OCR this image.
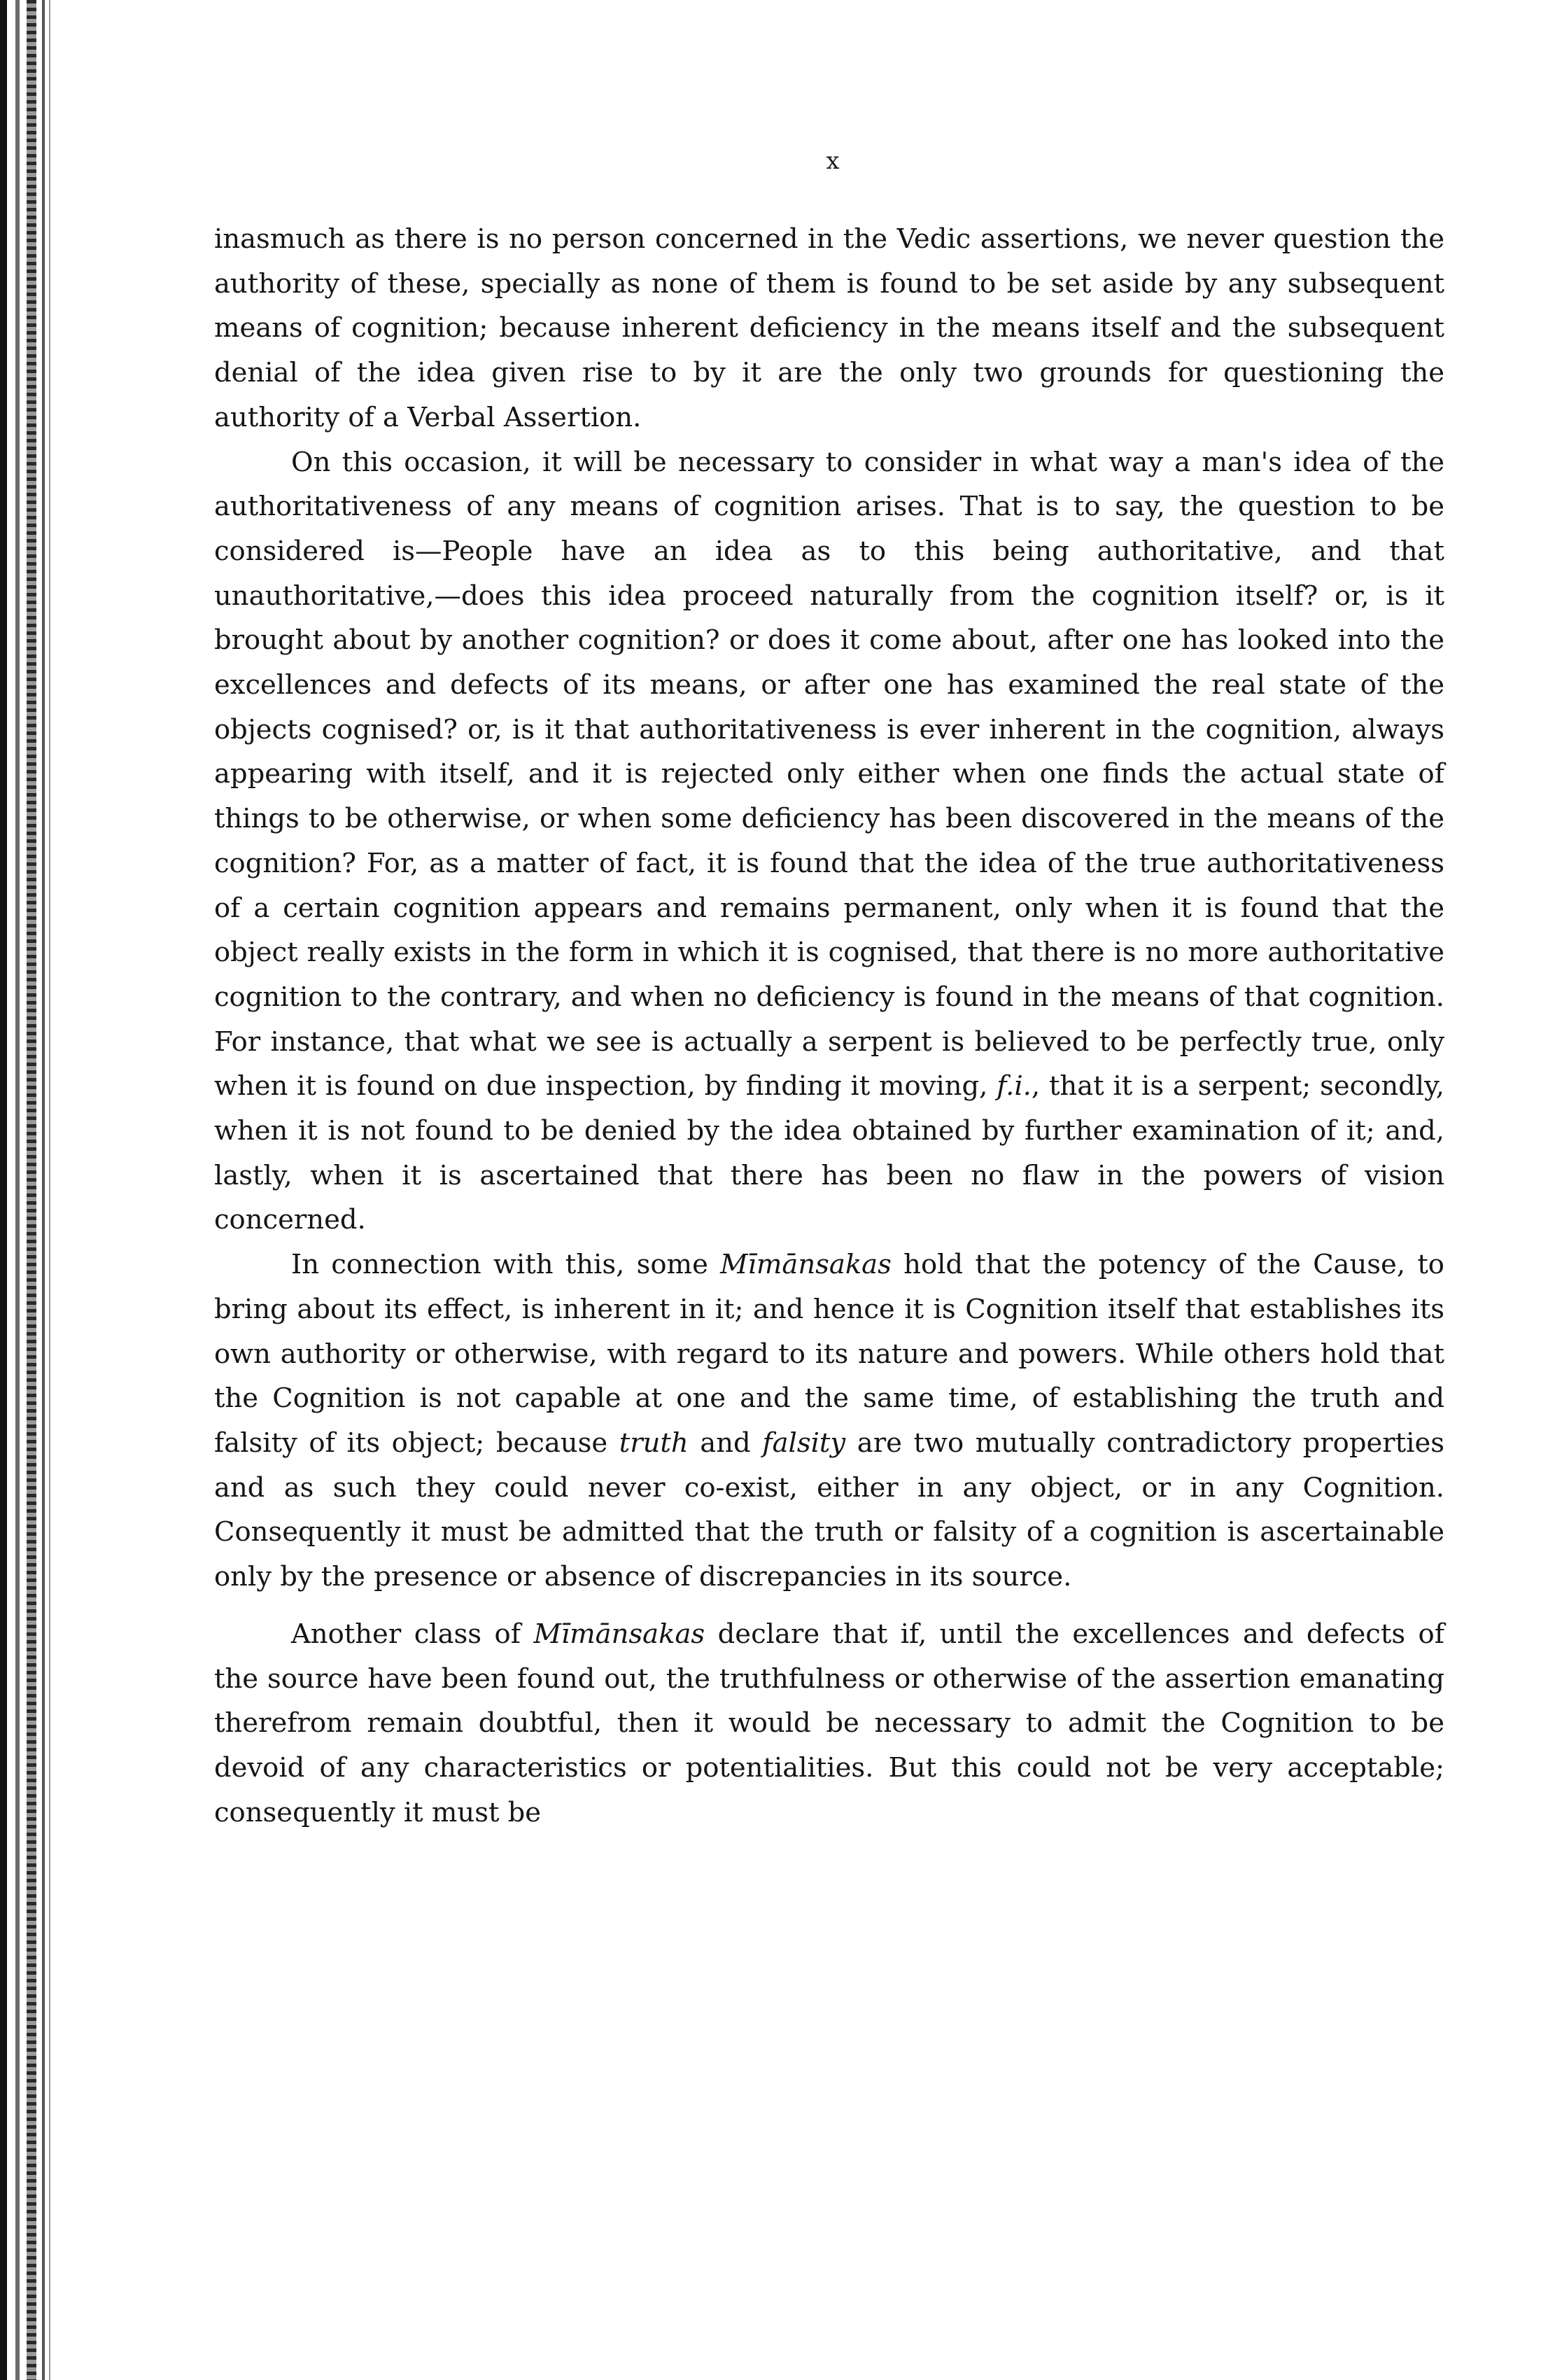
x

inasmuch as there is no person concerned in the Vedic assertions, we never question the authority of these, specially as none of them is found to be set aside by any subsequent means of cognition; because inherent deficiency in the means itself and the subsequent denial of the idea given rise to by it are the only two grounds for questioning the authority of a Verbal Assertion.

On this occasion, it will be necessary to consider in what way a man's idea of the authoritativeness of any means of cognition arises. That is to say, the question to be considered is—People have an idea as to this being authoritative, and that unauthoritative,—does this idea proceed naturally from the cognition itself? or, is it brought about by another cognition? or does it come about, after one has looked into the excellences and defects of its means, or after one has examined the real state of the objects cognised? or, is it that authoritativeness is ever inherent in the cognition, always appearing with itself, and it is rejected only either when one finds the actual state of things to be otherwise, or when some deficiency has been discovered in the means of the cognition? For, as a matter of fact, it is found that the idea of the true authoritativeness of a certain cognition appears and remains permanent, only when it is found that the object really exists in the form in which it is cognised, that there is no more authoritative cognition to the contrary, and when no deficiency is found in the means of that cognition. For instance, that what we see is actually a serpent is believed to be perfectly true, only when it is found on due inspection, by finding it moving, f.i., that it is a serpent; secondly, when it is not found to be denied by the idea obtained by further examination of it; and, lastly, when it is ascertained that there has been no flaw in the powers of vision concerned.

In connection with this, some Mīmānsakas hold that the potency of the Cause, to bring about its effect, is inherent in it; and hence it is Cognition itself that establishes its own authority or otherwise, with regard to its nature and powers. While others hold that the Cognition is not capable at one and the same time, of establishing the truth and falsity of its object; because truth and falsity are two mutually contradictory properties and as such they could never co-exist, either in any object, or in any Cognition. Consequently it must be admitted that the truth or falsity of a cognition is ascertainable only by the presence or absence of discrepancies in its source.

Another class of Mīmānsakas declare that if, until the excellences and defects of the source have been found out, the truthfulness or otherwise of the assertion emanating therefrom remain doubtful, then it would be necessary to admit the Cognition to be devoid of any characteristics or potentialities. But this could not be very acceptable; consequently it must be
